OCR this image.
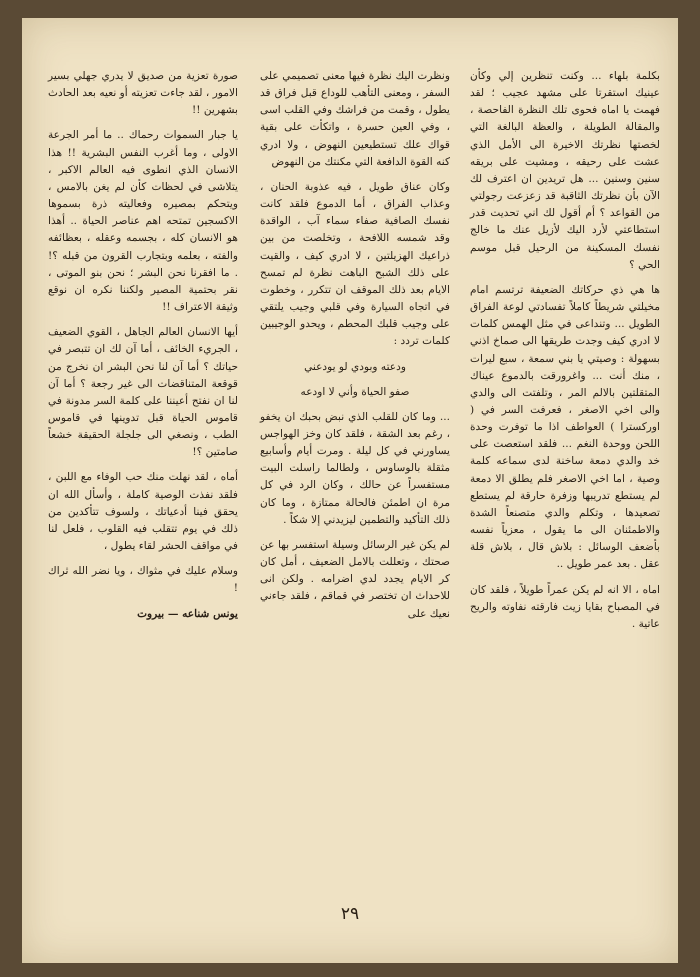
بكلمة بلهاء ... وكنت تنظرين إلي وكأن عينيك استقرتا على مشهد عجيب ؛ لقد فهمت يا اماه فحوى تلك النظرة الفاحصة ، والمقالة الطويلة ، والعظة البالغة التي لخصتها نظرتك الاخيرة الى الأمل الذي عشت على رحيقه ، ومشيت على بريقه سنين وسنين ... هل تريدين ان اعترف لك الآن بأن نظرتك الثاقبة قد زعزعت رجولتي من القواعد ؟ أم أقول لك اني تحديت قدر استطاعتي لأرد اليك لأزيل عنك ما خالج نفسك المسكينة من الرحيل قبل موسم الحي ؟

ها هي ذي حركاتك الضعيفة ترتسم امام مخيلتي شريطاً كاملاً تفسادتي لوعة الفراق الطويل ... وتنداعى في مثل الهمس كلمات لا ادري كيف وجدت طريقها الى صماخ اذني بسهولة : وصيتي يا بني سمعة ، سبع ليرات ، منك أنت ... واغرورقت بالدموع عيناك المتقلتين بالالم المر ، وتلفتت الى والدي والى اخي الاصغر ، فعرفت السر في ( اوركسترا ) العواطف اذا ما توفرت وحدة اللحن ووحدة النغم ... فلقد استعصت على خد والدي دمعة ساخنة لدى سماعه كلمة وصية ، اما اخي الاصغر فلم يطلق الا دمعة لم يستطع تدريبها وزفرة حارقة لم يستطع تصعيدها ، وتكلم والدي متصنعاً الشدة والاطمئنان الى ما يقول ، معزياً نفسه بأضعف الوسائل : بلاش قال ، بلاش قلة عقل . بعد عمر طويل ..

اماه ، الا انه لم يكن عمراً طويلاً ، فلقد كان في المصباح بقايا زيت فارقته نفاوته والريح عاتية .

ونظرت اليك نظرة فيها معنى تصميمي على السفر ، ومعنى التأهب للوداع قبل فراق قد يطول ، وقمت من فراشك وفي القلب اسى ، وفي العين حسرة ، واتكأت على بقية قواك علك تستطيعين النهوض ، ولا ادري كنه القوة الدافعة التي مكنتك من النهوض

وكان عناق طويل ، فيه عذوبة الحنان ، وعذاب الفراق ، أما الدموع فلقد كانت نفسك الصافية صفاء سماء آب ، الواقدة وقد شمسه اللافحة ، وتخلصت من بين ذراعيك الهزيلتين ، لا ادري كيف ، والقيت على ذلك الشبح الباهت نظرة لم تمسح الايام بعد ذلك الموقف ان تتكرر ، وخطوت في اتجاه السيارة وفي قلبي وجيب يلتقي على وجيب قلبك المحطم ، ويحدو الوجيبين كلمات تردد :

ودعته وبودي لو يودعني

صفو الحياة وأني لا اودعه

... وما كان للقلب الذي نبض بحبك ان يخفو ، رغم بعد الشقة ، فلقد كان وخز الهواجس يساورني في كل ليلة . ومرت أيام وأسابيع مثقلة بالوساوس ، ولطالما راسلت البيت مستفسراً عن حالك ، وكان الرد في كل مرة ان اطمئن فالحالة ممتازة ، وما كان ذلك التأكيد والتطمين ليزيدني إلا شكاً .

لم يكن غير الرسائل وسيلة استفسر بها عن صحتك ، وتعللت بالامل الضعيف ، أمل كان كر الايام يجدد لدي اضرامه . ولكن انى للاحداث ان تختصر في قماقم ، فلقد جاءني نعيك على

صورة تعزية من صديق لا يدري جهلي بسير الامور ، لقد جاءت تعزيته أو نعيه بعد الحادث بشهرين !!

يا جبار السموات رحماك .. ما أمر الجرعة الاولى ، وما أغرب النفس البشرية !! هذا الانسان الذي انطوى فيه العالم الاكبر ، يتلاشى في لحظات كأن لم يغن بالامس ، ويتحكم بمصيره وفعاليته ذرة بسموها الاكسجين تمتحه اهم عناصر الحياة .. أهذا هو الانسان كله ، بجسمه وعقله ، بعظائفه والفته ، بعلمه وبتجارب القرون من قبله ؟! . ما افقرنا نحن البشر ؛ نحن بنو الموتى ، نقر بحتمية المصير ولكننا نكره ان نوقع وثيقة الاعتراف !!

أيها الانسان العالم الجاهل ، القوي الضعيف ، الجريء الخائف ، أما آن لك ان تتبصر في حياتك ؟ أما آن لنا نحن البشر ان نخرج من قوقعة المتناقضات الى غير رجعة ؟ أما آن لنا ان نفتح أعيننا على كلمة السر مدونة في قاموس الحياة قبل تدوينها في قاموس الطب ، ونصغي الى جلجلة الحقيقة خشعاً صامتين ؟!

أماه ، لقد نهلت منك حب الوفاء مع اللبن ، فلقد نفذت الوصية كاملة ، وأسأل الله ان يحقق فينا أدعياتك ، ولسوف تتأكدين من ذلك في يوم تتقلب فيه القلوب ، فلعل لنا في مواقف الحشر لقاء يطول ،

وسلام عليك في مثواك ، ويا نضر الله ثراك !

يونس شناعه — بيروت

٢٩
